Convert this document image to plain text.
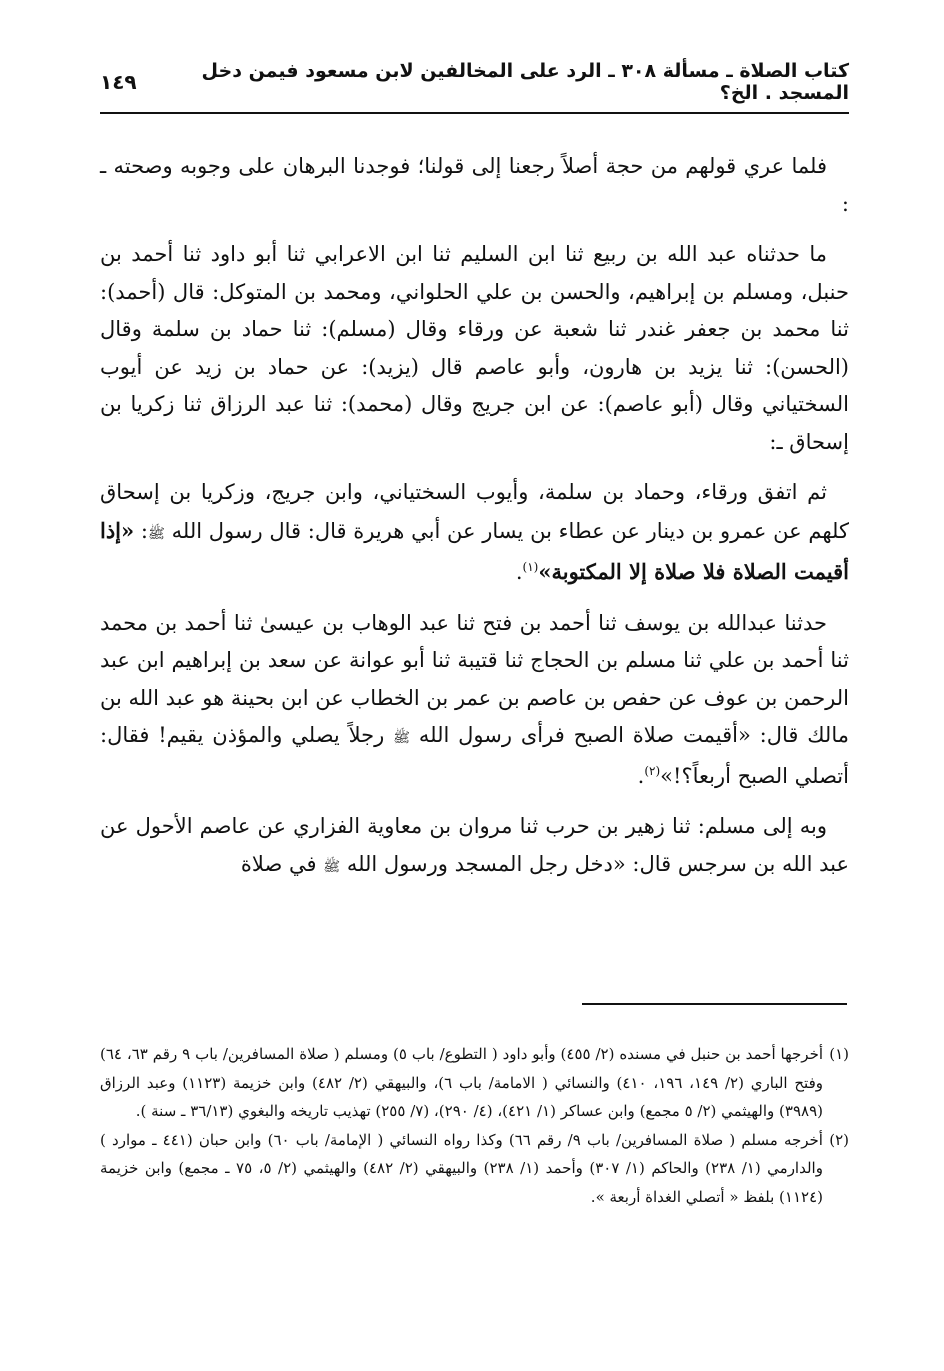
كتاب الصلاة ـ مسألة ٣٠٨ ـ الرد على المخالفين لابن مسعود فيمن دخل المسجد . الخ؟
١٤٩

فلما عري قولهم من حجة أصلاً رجعنا إلى قولنا؛ فوجدنا البرهان على وجوبه وصحته ـ :

ما حدثناه عبد الله بن ربيع ثنا ابن السليم ثنا ابن الاعرابي ثنا أبو داود ثنا أحمد بن حنبل، ومسلم بن إبراهيم، والحسن بن علي الحلواني، ومحمد بن المتوكل: قال (أحمد): ثنا محمد بن جعفر غندر ثنا شعبة عن ورقاء وقال (مسلم): ثنا حماد بن سلمة وقال (الحسن): ثنا يزيد بن هارون، وأبو عاصم قال (يزيد): عن حماد بن زيد عن أيوب السختياني وقال (أبو عاصم): عن ابن جريج وقال (محمد): ثنا عبد الرزاق ثنا زكريا بن إسحاق ـ:

ثم اتفق ورقاء، وحماد بن سلمة، وأيوب السختياني، وابن جريج، وزكريا بن إسحاق كلهم عن عمرو بن دينار عن عطاء بن يسار عن أبي هريرة قال: قال رسول الله ﷺ: «إذا أقيمت الصلاة فلا صلاة إلا المكتوبة»$^{(١)}$.

حدثنا عبدالله بن يوسف ثنا أحمد بن فتح ثنا عبد الوهاب بن عيسىٰ ثنا أحمد بن محمد ثنا أحمد بن علي ثنا مسلم بن الحجاج ثنا قتيبة ثنا أبو عوانة عن سعد بن إبراهيم ابن عبد الرحمن بن عوف عن حفص بن عاصم بن عمر بن الخطاب عن ابن بحينة هو عبد الله بن مالك قال: «أقيمت صلاة الصبح فرأى رسول الله ﷺ رجلاً يصلي والمؤذن يقيم! فقال: أتصلي الصبح أربعاً؟!»$^{(٢)}$.

وبه إلى مسلم: ثنا زهير بن حرب ثنا مروان بن معاوية الفزاري عن عاصم الأحول عن عبد الله بن سرجس قال: «دخل رجل المسجد ورسول الله ﷺ في صلاة

(١)أخرجها أحمد بن حنبل في مسنده (٢/ ٤٥٥) وأبو داود ( التطوع/ باب ٥) ومسلم ( صلاة المسافرين/ باب ٩ رقم ٦٣، ٦٤) وفتح الباري (٢/ ١٤٩، ١٩٦، ٤١٠) والنسائي ( الامامة/ باب ٦)، والبيهقي (٢/ ٤٨٢) وابن خزيمة (١١٢٣) وعبد الرزاق (٣٩٨٩) والهيثمي (٢/ ٥ مجمع) وابن عساكر (١/ ٤٢١)، (٤/ ٢٩٠)، (٧/ ٢٥٥) تهذيب تاريخه والبغوي (٣٦/١٣ ـ سنة ).

(٢)أخرجه مسلم ( صلاة المسافرين/ باب ٩/ رقم ٦٦) وكذا رواه النسائي ( الإمامة/ باب ٦٠) وابن حبان (٤٤١ ـ موارد ) والدارمي (١/ ٢٣٨) والحاكم (١/ ٣٠٧) وأحمد (١/ ٢٣٨) والبيهقي (٢/ ٤٨٢) والهيثمي (٢/ ٥، ٧٥ ـ مجمع) وابن خزيمة (١١٢٤) بلفظ « أتصلي الغداة أربعة ».
